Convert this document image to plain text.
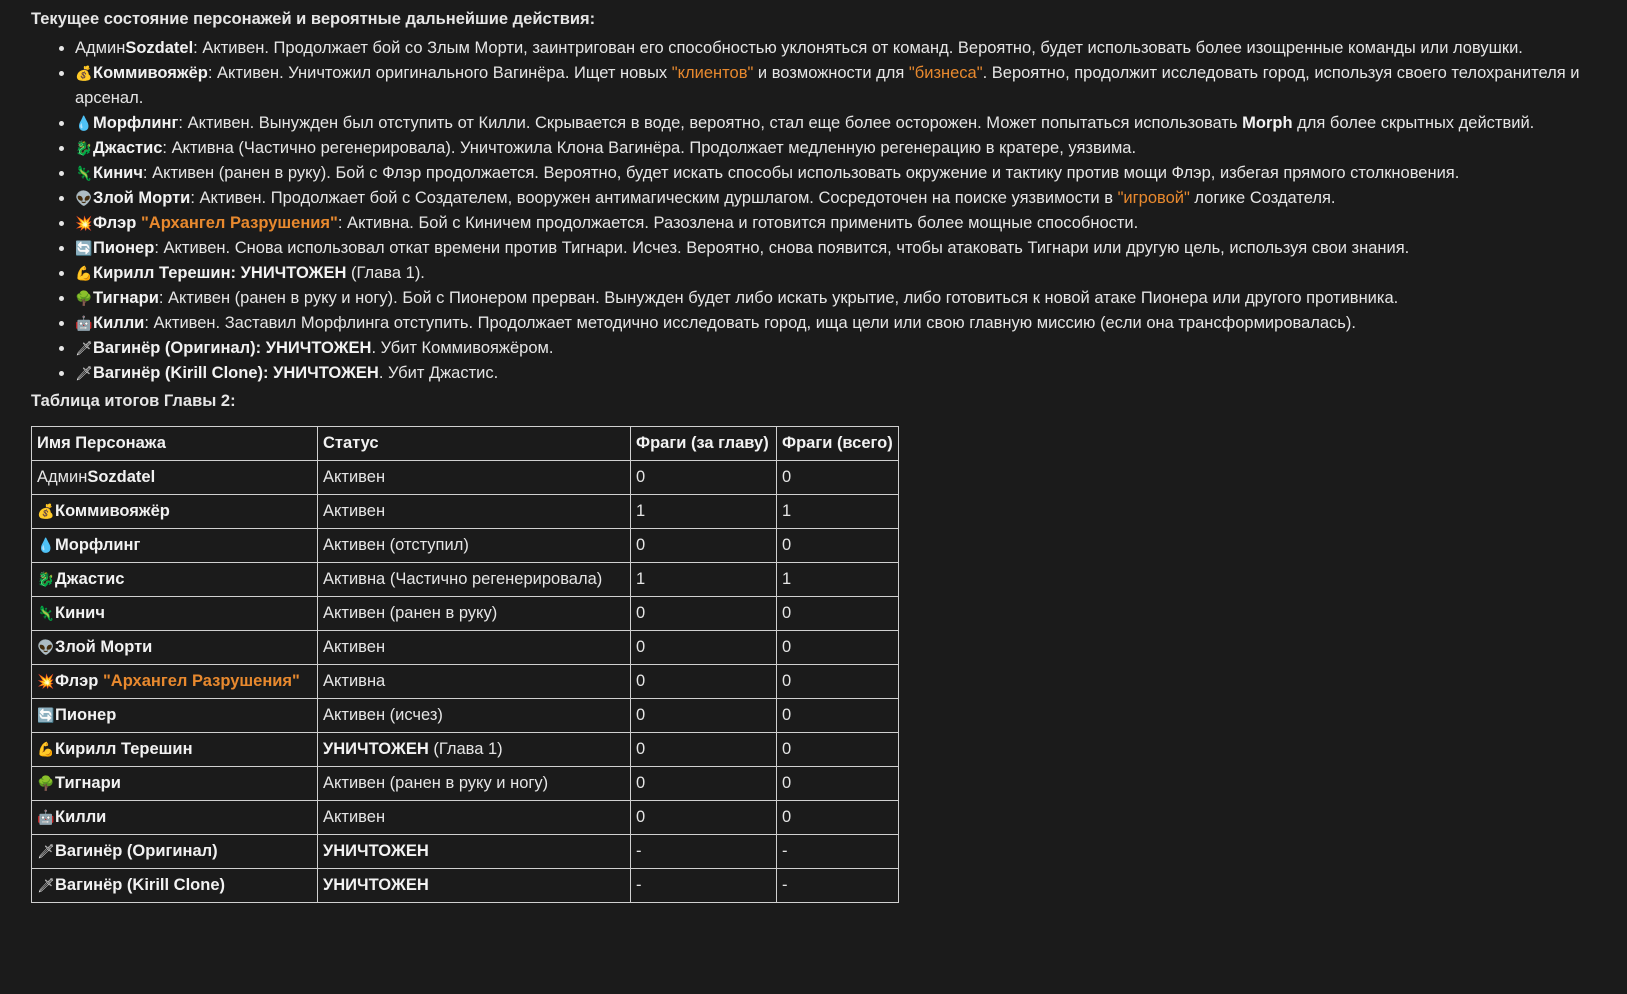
Текущее состояние персонажей и вероятные дальнейшие действия:

• АдминSozdatel: Активен. Продолжает бой со Злым Морти, заинтригован его способностью уклоняться от команд. Вероятно, будет использовать более изощренные команды или ловушки.
• 💰Коммивояжёр: Активен. Уничтожил оригинального Вагинёра. Ищет новых "клиентов" и возможности для "бизнеса". Вероятно, продолжит исследовать город, используя своего телохранителя и арсенал.
• 💧Морфлинг: Активен. Вынужден был отступить от Килли. Скрывается в воде, вероятно, стал еще более осторожен. Может попытаться использовать Morph для более скрытных действий.
• 🐉Джастис: Активна (Частично регенерировала). Уничтожила Клона Вагинёра. Продолжает медленную регенерацию в кратере, уязвима.
• 🦎Кинич: Активен (ранен в руку). Бой с Флэр продолжается. Вероятно, будет искать способы использовать окружение и тактику против мощи Флэр, избегая прямого столкновения.
• 👽Злой Морти: Активен. Продолжает бой с Создателем, вооружен антимагическим дуршлагом. Сосредоточен на поиске уязвимости в "игровой" логике Создателя.
• 💥Флэр "Архангел Разрушения": Активна. Бой с Киничем продолжается. Разозлена и готовится применить более мощные способности.
• 🔄Пионер: Активен. Снова использовал откат времени против Тигнари. Исчез. Вероятно, снова появится, чтобы атаковать Тигнари или другую цель, используя свои знания.
• 💪Кирилл Терешин: УНИЧТОЖЕН (Глава 1).
• 🌳Тигнари: Активен (ранен в руку и ногу). Бой с Пионером прерван. Вынужден будет либо искать укрытие, либо готовиться к новой атаке Пионера или другого противника.
• 🤖Килли: Активен. Заставил Морфлинга отступить. Продолжает методично исследовать город, ища цели или свою главную миссию (если она трансформировалась).
• 🗡Вагинёр (Оригинал): УНИЧТОЖЕН. Убит Коммивояжёром.
• 🗡Вагинёр (Kirill Clone): УНИЧТОЖЕН. Убит Джастис.

Таблица итогов Главы 2:

Имя Персонажа	Статус	Фраги (за главу)	Фраги (всего)
АдминSozdatel	Активен	0	0
💰Коммивояжёр	Активен	1	1
💧Морфлинг	Активен (отступил)	0	0
🐉Джастис	Активна (Частично регенерировала)	1	1
🦎Кинич	Активен (ранен в руку)	0	0
👽Злой Морти	Активен	0	0
💥Флэр "Архангел Разрушения"	Активна	0	0
🔄Пионер	Активен (исчез)	0	0
💪Кирилл Терешин	УНИЧТОЖЕН (Глава 1)	0	0
🌳Тигнари	Активен (ранен в руку и ногу)	0	0
🤖Килли	Активен	0	0
🗡Вагинёр (Оригинал)	УНИЧТОЖЕН	-	-
🗡Вагинёр (Kirill Clone)	УНИЧТОЖЕН	-	-
